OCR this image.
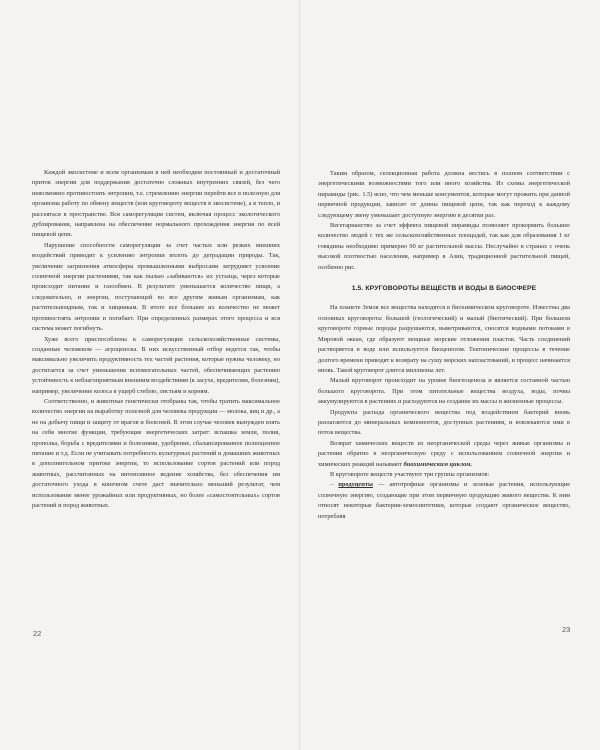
Каждой экосистеме и всем организмам в ней необходим постоянный и достаточный приток энергии для поддержания достаточно сложных внутренних связей, без чего невозможно противостоять энтропии, т.е. стремлению энергии перейти все в полезную для организма работу по обмену веществ (или круговороту веществ в экосистеме), а в тепло, и рассеяться в пространстве. Вся саморегуляция систем, включая процесс экологического дублирования, направлена на обеспечение нормального прохождения энергии по всей пищевой цепи.

Нарушение способности саморегуляции за счет частых или резких внешних воздействий приводит к усилению энтропии вплоть до деградации природы. Так, увеличение загрязнения атмосферы промышленными выбросами затрудняет усвоение солнечной энергии растениями, так как пылью «забиваются» их устьица, через которые происходит питание и газообмен. В результате уменьшается количество пищи, а следовательно, и энергии, поступающей во все другим живым организмам, как растительноядным, так и хищникам. В итоге все большее их количество не может противостоять энтропии и погибает. При определенных размерах этого процесса и вся система может погибнуть.

Хуже всего приспособлены к саморегуляции сельскохозяйственные системы, созданные человеком — агроценозы. В них искусственный отбор ведется так, чтобы максимально увеличить продуктивность тех частей растения, которые нужны человеку, но достигается за счет уменьшения вспомогательных частей, обеспечивающих растению устойчивость к неблагоприятным внешним воздействиям (к засухе, вредителям, болезням), например, увеличение колоса в ущерб стеблю, листьям и корням.

Соответственно, и животные генетически отобраны так, чтобы тратить максимальное количество энергии на выработку полезной для человека продукции — молока, яиц и др., а не на добычу пищи и защиту от врагов и болезней. В этом случае человек вынужден взять на себя многие функции, требующие энергетических затрат: вспашка земли, полив, прополка, борьба с вредителями и болезнями, удобрение, сбалансированное полноценное питание и т.д. Если не учитывать потребность культурных растений и домашних животных в дополнительном притоке энергии, то использование сортов растений или пород животных, рассчитанных на интенсивное ведение хозяйства, без обеспечения им достаточного ухода в конечном счете даст значительно меньший результат, чем использование менее урожайных или продуктивных, но более «самостоятельных» сортов растений и пород животных.

22

Таким образом, селекционная работа должна вестись в полном соответствии с энергетическими возможностями того или иного хозяйства. Из схемы энергетической пирамиды (рис. 1.5) ясно, что чем меньше консументов, которые могут прожить при данной первичной продукции, зависит от длины пищевой цепи, так как переход к каждому следующему звену уменьшает доступную энергию в десятки раз.

Вегетарианство за счет эффекта пищевой пирамиды позволяет прокормить большее количество людей с тех же сельскохозяйственных площадей, так как для образования 1 кг говядины необходимо примерно 90 кг растительной массы. Неслучайно в странах с очень высокой плотностью населения, например в Азии, традиционной растительной пищей, особенно рис.

1.5. КРУГОВОРОТЫ ВЕЩЕСТВ И ВОДЫ В БИОСФЕРЕ

На планете Земля все вещества находятся в биохимическом круговороте. Известны два основных круговорота: большой (геологический) и малый (биотический). При большом круговороте горные породы разрушаются, выветриваются, сносятся водными потоками в Мировой океан, где образуют мощные морские отложения пластов. Часть соединений растворяется в воде или используется биоценозом. Тектонические процессы в течение долгого времени приводят к возврату на сушу морских напластований, и процесс начинается вновь. Такой круговорот длится миллионы лет.

Малый круговорот происходит на уровне биогеоценоза и является составной частью большого круговорота. При этом питательные вещества воздуха, воды, почвы аккумулируются в растениях и расходуются на создание их массы и жизненные процессы.

Продукты распада органического вещества под воздействием бактерий вновь разлагаются до минеральных компонентов, доступных растениям, и вовлекаются ими в поток вещества.

Возврат химических веществ из неорганической среды через живые организмы и растения обратно в неорганическую среду с использованием солнечной энергии и химических реакций называют биохимическим циклом.

В круговороте веществ участвуют три группы организмов:

– продуценты — автотрофные организмы и зеленые растения, использующие солнечную энергию, создающие при этом первичную продукцию живого вещества. К ним относят некоторые бактерии-хемосинтетики, которые создают органическое вещество, потребляя

23
